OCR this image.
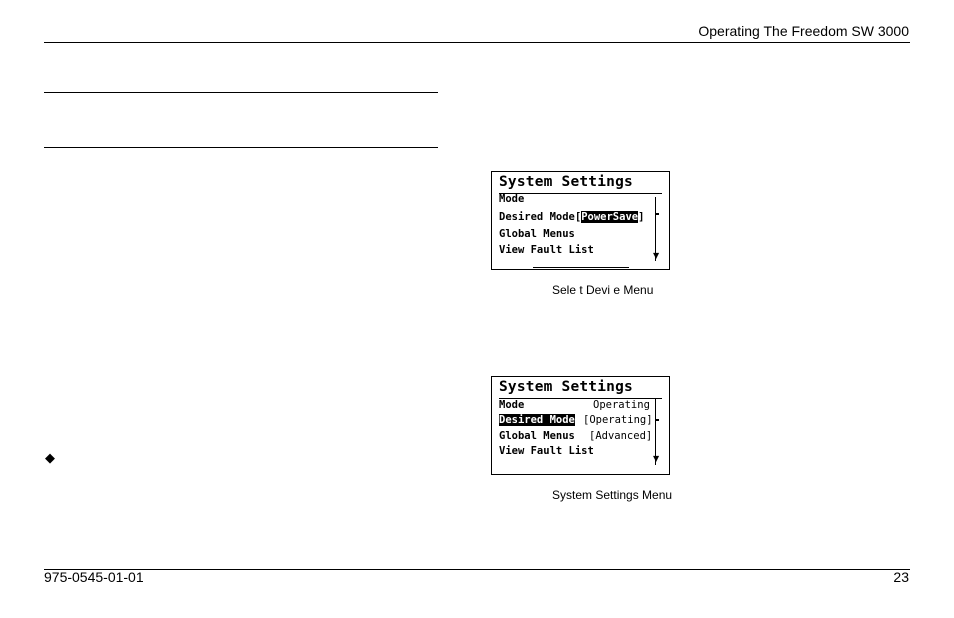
Operating The Freedom SW 3000
◆
System Settings
Mode
Desired Mode[PowerSave]
Global Menus
View Fault List	▼
Sele t Devi e Menu
System Settings
Mode	Operating
Desired Mode [Operating]
Global Menus [Advanced]
View Fault List
▼
System Settings Menu
975-0545-01-01	23
